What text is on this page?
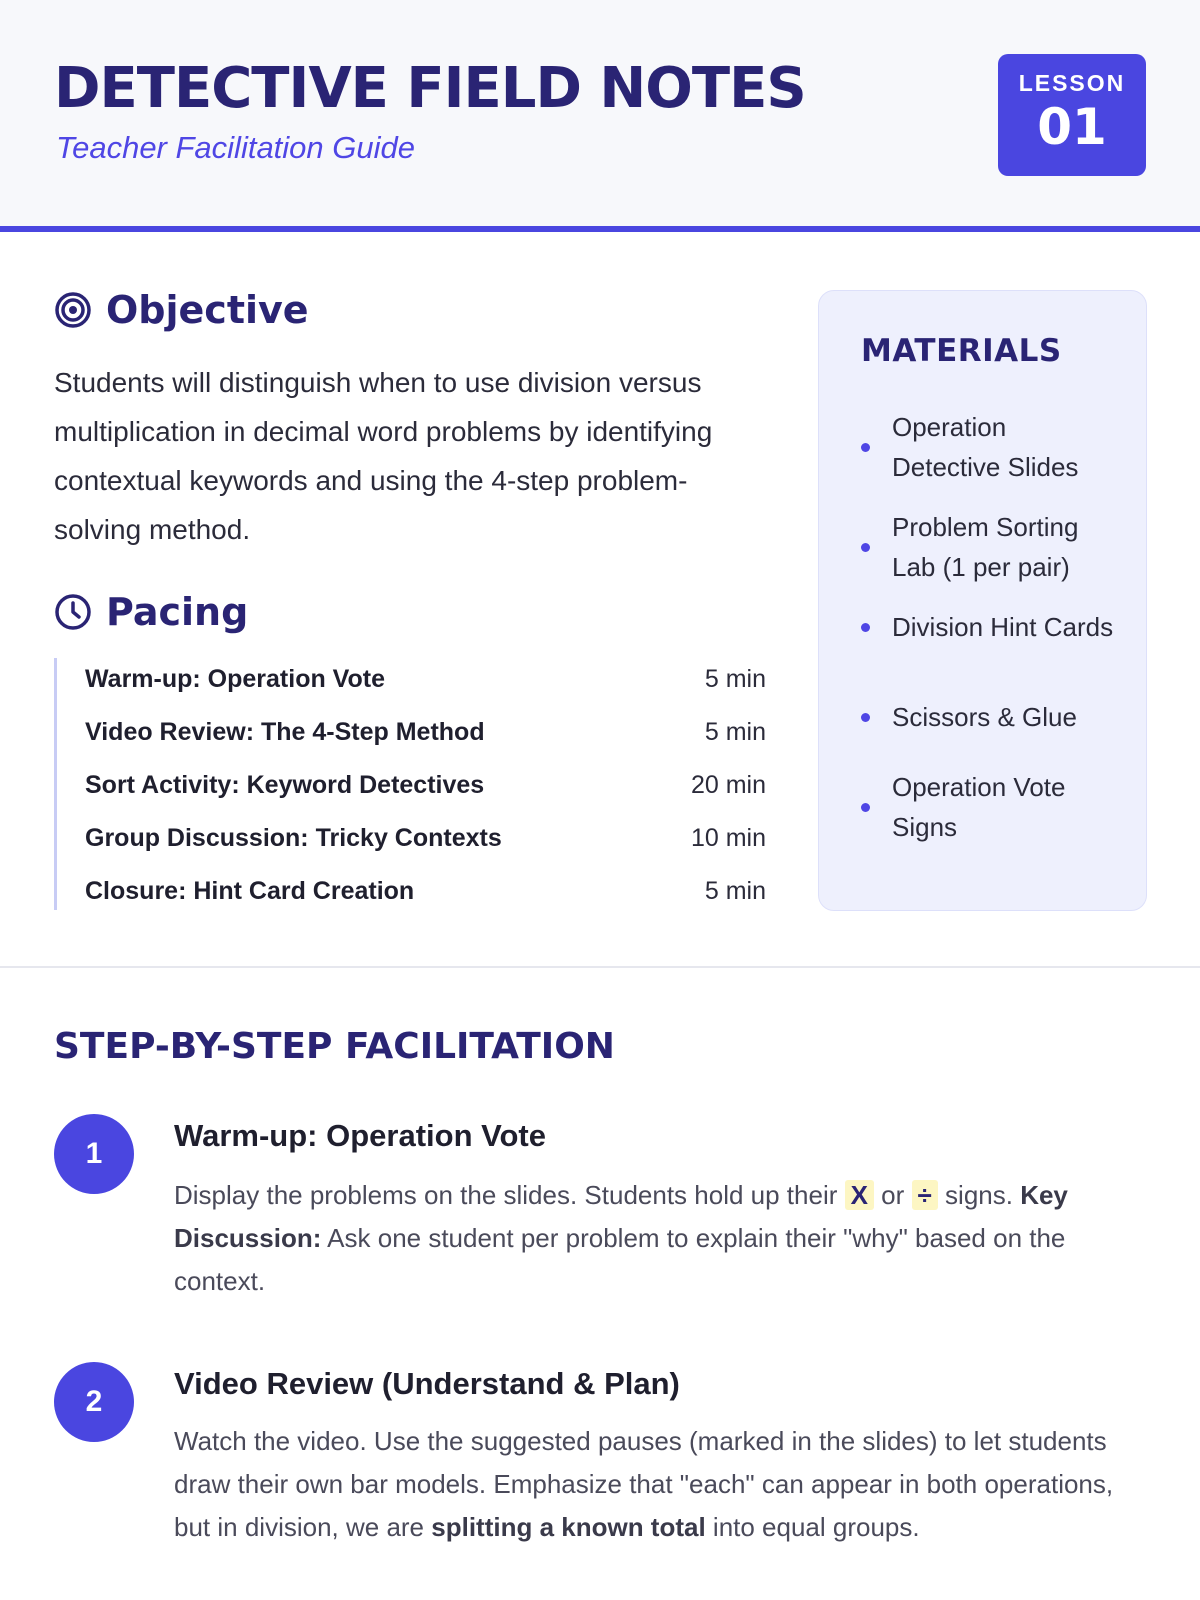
DETECTIVE FIELD NOTES
Teacher Facilitation Guide
LESSON
01
Objective
Students will distinguish when to use division versus multiplication in decimal word problems by identifying contextual keywords and using the 4-step problem-solving method.
Pacing
Warm-up: Operation Vote	5 min
Video Review: The 4-Step Method	5 min
Sort Activity: Keyword Detectives	20 min
Group Discussion: Tricky Contexts	10 min
Closure: Hint Card Creation	5 min
MATERIALS
Operation Detective Slides
Problem Sorting Lab (1 per pair)
Division Hint Cards
Scissors & Glue
Operation Vote Signs
STEP-BY-STEP FACILITATION
1
Warm-up: Operation Vote
Display the problems on the slides. Students hold up their X or ÷ signs. Key Discussion: Ask one student per problem to explain their "why" based on the context.
2
Video Review (Understand & Plan)
Watch the video. Use the suggested pauses (marked in the slides) to let students draw their own bar models. Emphasize that "each" can appear in both operations, but in division, we are splitting a known total into equal groups.
